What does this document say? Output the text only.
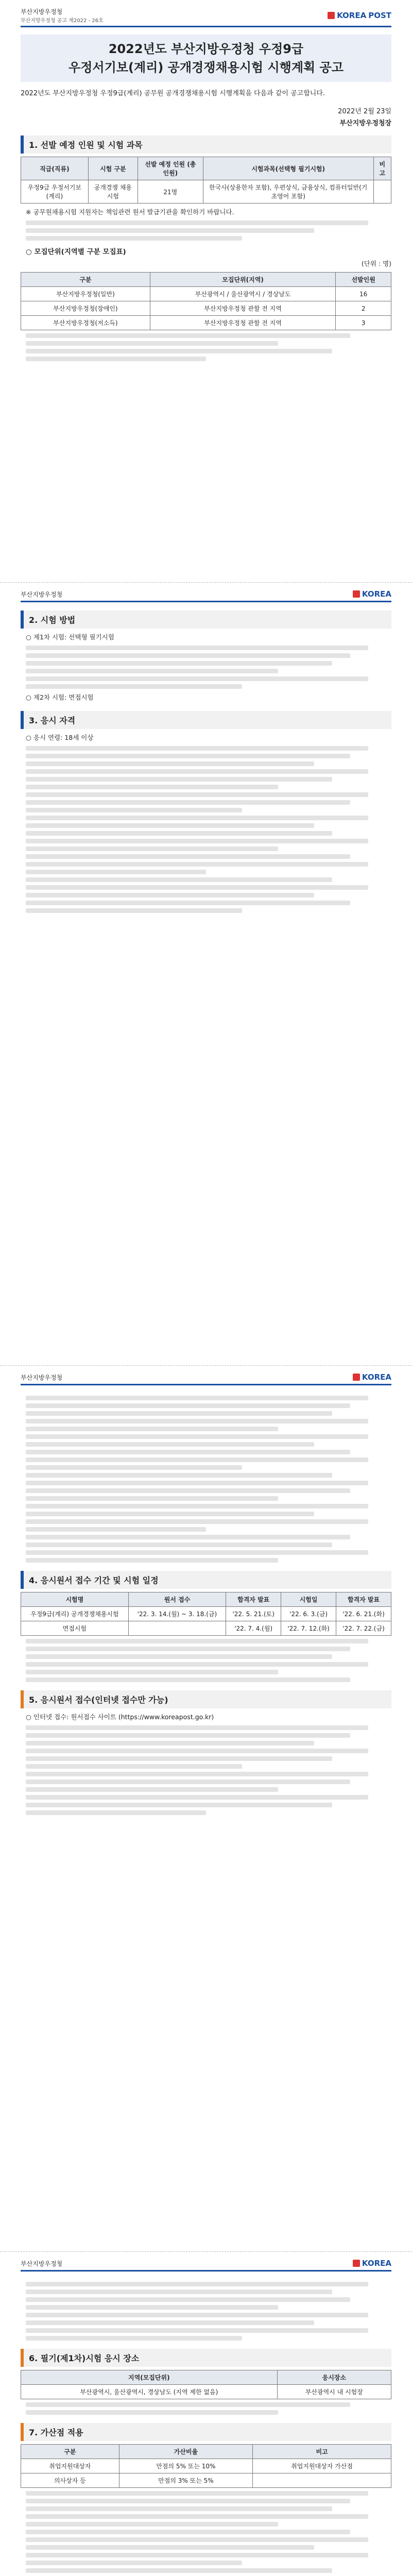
부산지방우정청
부산지방우정청 공고 제2022 - 26호
KOREA POST
2022년도 부산지방우정청 우정9급
우정서기보(계리) 공개경쟁채용시험 시행계획 공고
2022년도 부산지방우정청 우정9급(계리) 공무원 공개경쟁채용시험 시행계획을 다음과 같이 공고합니다.
2022년 2월 23일
부산지방우정청장
1. 선발 예정 인원 및 시험 과목
직급(직류)	시험 구분	선발 예정 인원 (총 인원)	시험과목(선택형 필기시험)	비고
우정9급 우정서기보(계리)	공개경쟁 채용시험	21명	한국사(상용한자 포함), 우편상식, 금융상식, 컴퓨터일반(기초영어 포함)	
※ 공무원채용시험 지원자는 책임관련 원서 발급기관을 확인하기 바랍니다.
○ 모집단위(지역별 구분 모집표)
(단위 : 명)
구분	모집단위(지역)	선발인원
부산지방우정청(일반)	부산광역시 / 울산광역시 / 경상남도	16
부산지방우정청(장애인)	부산지방우정청 관할 전 지역	2
부산지방우정청(저소득)	부산지방우정청 관할 전 지역	3
부산지방우정청	KOREA
2. 시험 방법
○ 제1차 시험: 선택형 필기시험
○ 제2차 시험: 면접시험
3. 응시 자격
○ 응시 연령: 18세 이상
부산지방우정청	KOREA
4. 응시원서 접수 기간 및 시험 일정
시험명	원서 접수	합격자 발표	시험일	합격자 발표
우정9급(계리) 공개경쟁채용시험	'22. 3. 14.(월) ~ 3. 18.(금)	'22. 5. 21.(토)	'22. 6. 3.(금)	'22. 6. 21.(화)
면접시험		'22. 7. 4.(월)	'22. 7. 12.(화)	'22. 7. 22.(금)
5. 응시원서 접수(인터넷 접수만 가능)
○ 인터넷 접수: 원서접수 사이트 (https://www.koreapost.go.kr)
부산지방우정청	KOREA
6. 필기(제1차)시험 응시 장소
지역(모집단위)	응시장소
부산광역시, 울산광역시, 경상남도 (지역 제한 없음)	부산광역시 내 시험장
7. 가산점 적용
구분	가산비율	비고
취업지원대상자	만점의 5% 또는 10%	취업지원대상자 가산점
의사상자 등	만점의 3% 또는 5%	
